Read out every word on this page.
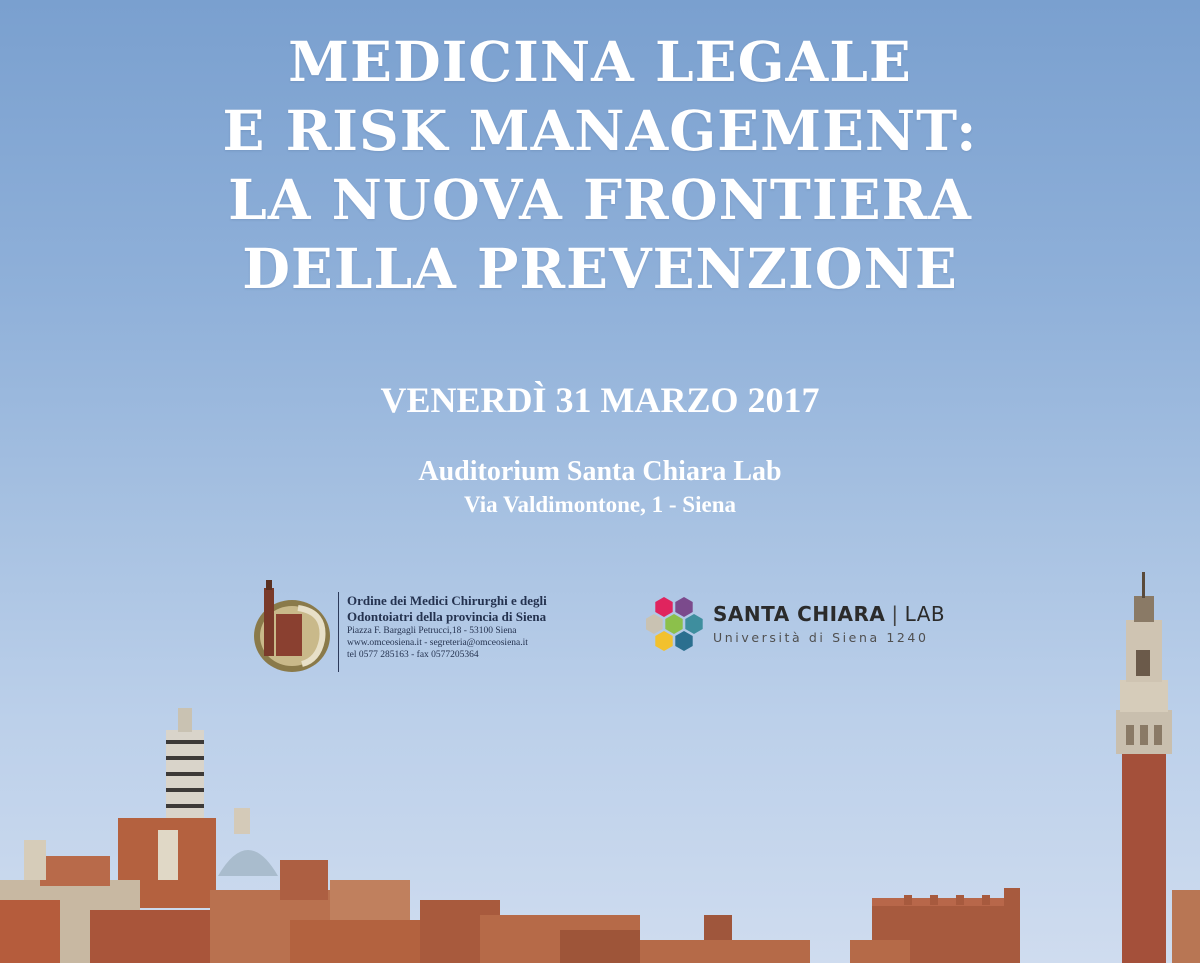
MEDICINA LEGALE
E RISK MANAGEMENT:
LA NUOVA FRONTIERA
DELLA PREVENZIONE
VENERDÌ 31 MARZO 2017
Auditorium Santa Chiara Lab
Via Valdimontone, 1 - Siena
Ordine dei Medici Chirurghi e degli
Odontoiatri della provincia di Siena
Piazza F. Bargagli Petrucci,18 - 53100 Siena
www.omceosiena.it - segreteria@omceosiena.it
tel 0577 285163 - fax 0577205364
SANTA CHIARA | LAB
Università di Siena 1240
